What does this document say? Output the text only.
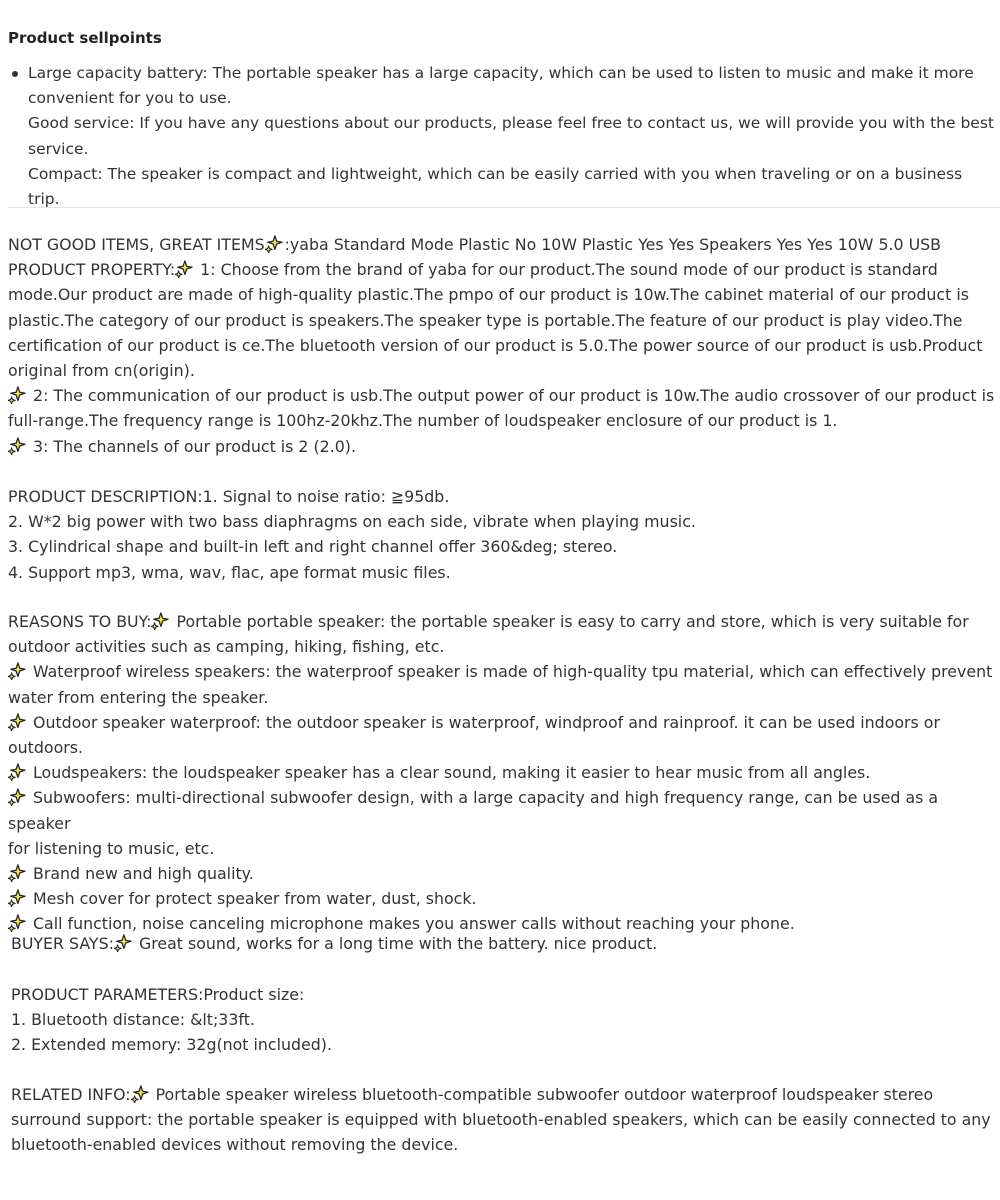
Product sellpoints
Large capacity battery: The portable speaker has a large capacity, which can be used to listen to music and make it more
convenient for you to use.
Good service: If you have any questions about our products, please feel free to contact us, we will provide you with the best
service.
Compact: The speaker is compact and lightweight, which can be easily carried with you when traveling or on a business trip.
NOT GOOD ITEMS, GREAT ITEMS :yaba Standard Mode Plastic No 10W Plastic Yes Yes Speakers Yes Yes 10W 5.0 USB
PRODUCT PROPERTY: 1: Choose from the brand of yaba for our product.The sound mode of our product is standard
mode.Our product are made of high-quality plastic.The pmpo of our product is 10w.The cabinet material of our product is
plastic.The category of our product is speakers.The speaker type is portable.The feature of our product is play video.The
certification of our product is ce.The bluetooth version of our product is 5.0.The power source of our product is usb.Product
original from cn(origin).
2: The communication of our product is usb.The output power of our product is 10w.The audio crossover of our product is
full-range.The frequency range is 100hz-20khz.The number of loudspeaker enclosure of our product is 1.
3: The channels of our product is 2 (2.0).
PRODUCT DESCRIPTION:1. Signal to noise ratio: ≧95db.
2. W*2 big power with two bass diaphragms on each side, vibrate when playing music.
3. Cylindrical shape and built-in left and right channel offer 360&deg; stereo.
4. Support mp3, wma, wav, flac, ape format music files.
REASONS TO BUY: Portable portable speaker: the portable speaker is easy to carry and store, which is very suitable for
outdoor activities such as camping, hiking, fishing, etc.
Waterproof wireless speakers: the waterproof speaker is made of high-quality tpu material, which can effectively prevent
water from entering the speaker.
Outdoor speaker waterproof: the outdoor speaker is waterproof, windproof and rainproof. it can be used indoors or
outdoors.
Loudspeakers: the loudspeaker speaker has a clear sound, making it easier to hear music from all angles.
Subwoofers: multi-directional subwoofer design, with a large capacity and high frequency range, can be used as a speaker
for listening to music, etc.
Brand new and high quality.
Mesh cover for protect speaker from water, dust, shock.
Call function, noise canceling microphone makes you answer calls without reaching your phone.
BUYER SAYS: Great sound, works for a long time with the battery. nice product.
PRODUCT PARAMETERS:Product size:
1. Bluetooth distance: &lt;33ft.
2. Extended memory: 32g(not included).
RELATED INFO: Portable speaker wireless bluetooth-compatible subwoofer outdoor waterproof loudspeaker stereo
surround support: the portable speaker is equipped with bluetooth-enabled speakers, which can be easily connected to any
bluetooth-enabled devices without removing the device.
